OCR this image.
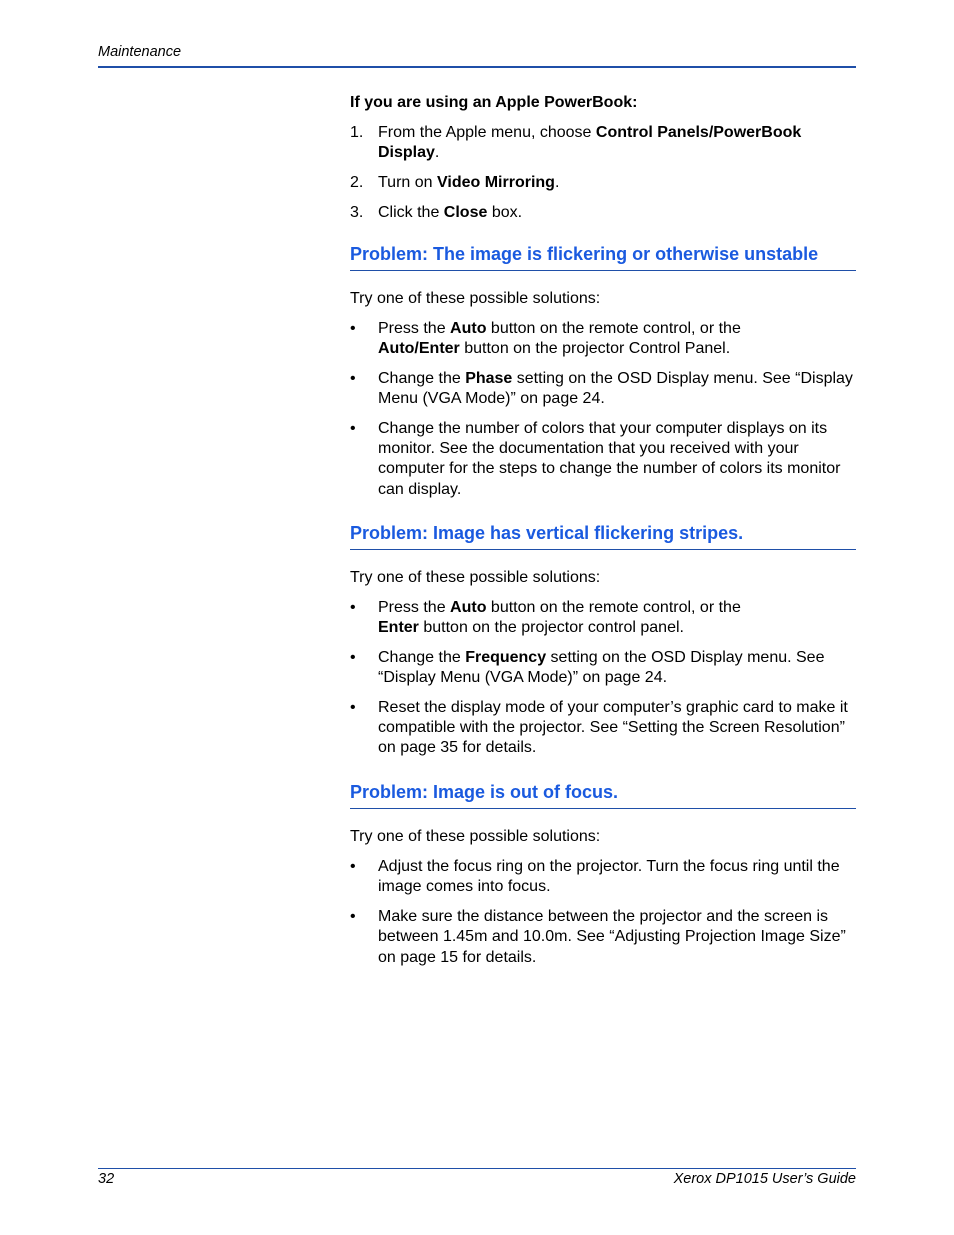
Maintenance
If you are using an Apple PowerBook:
1. From the Apple menu, choose Control Panels/PowerBook Display.
2. Turn on Video Mirroring.
3. Click the Close box.
Problem: The image is flickering or otherwise unstable
Try one of these possible solutions:
• Press the Auto button on the remote control, or the
Auto/Enter button on the projector Control Panel.
• Change the Phase setting on the OSD Display menu. See “Display Menu (VGA Mode)” on page 24.
• Change the number of colors that your computer displays on its monitor. See the documentation that you received with your computer for the steps to change the number of colors its monitor can display.
Problem: Image has vertical flickering stripes.
Try one of these possible solutions:
• Press the Auto button on the remote control, or the
Enter button on the projector control panel.
• Change the Frequency setting on the OSD Display menu. See “Display Menu (VGA Mode)” on page 24.
• Reset the display mode of your computer’s graphic card to make it compatible with the projector. See “Setting the Screen Resolution” on page 35 for details.
Problem: Image is out of focus.
Try one of these possible solutions:
• Adjust the focus ring on the projector. Turn the focus ring until the image comes into focus.
• Make sure the distance between the projector and the screen is between 1.45m and 10.0m. See “Adjusting Projection Image Size” on page 15 for details.
32	Xerox DP1015 User’s Guide
